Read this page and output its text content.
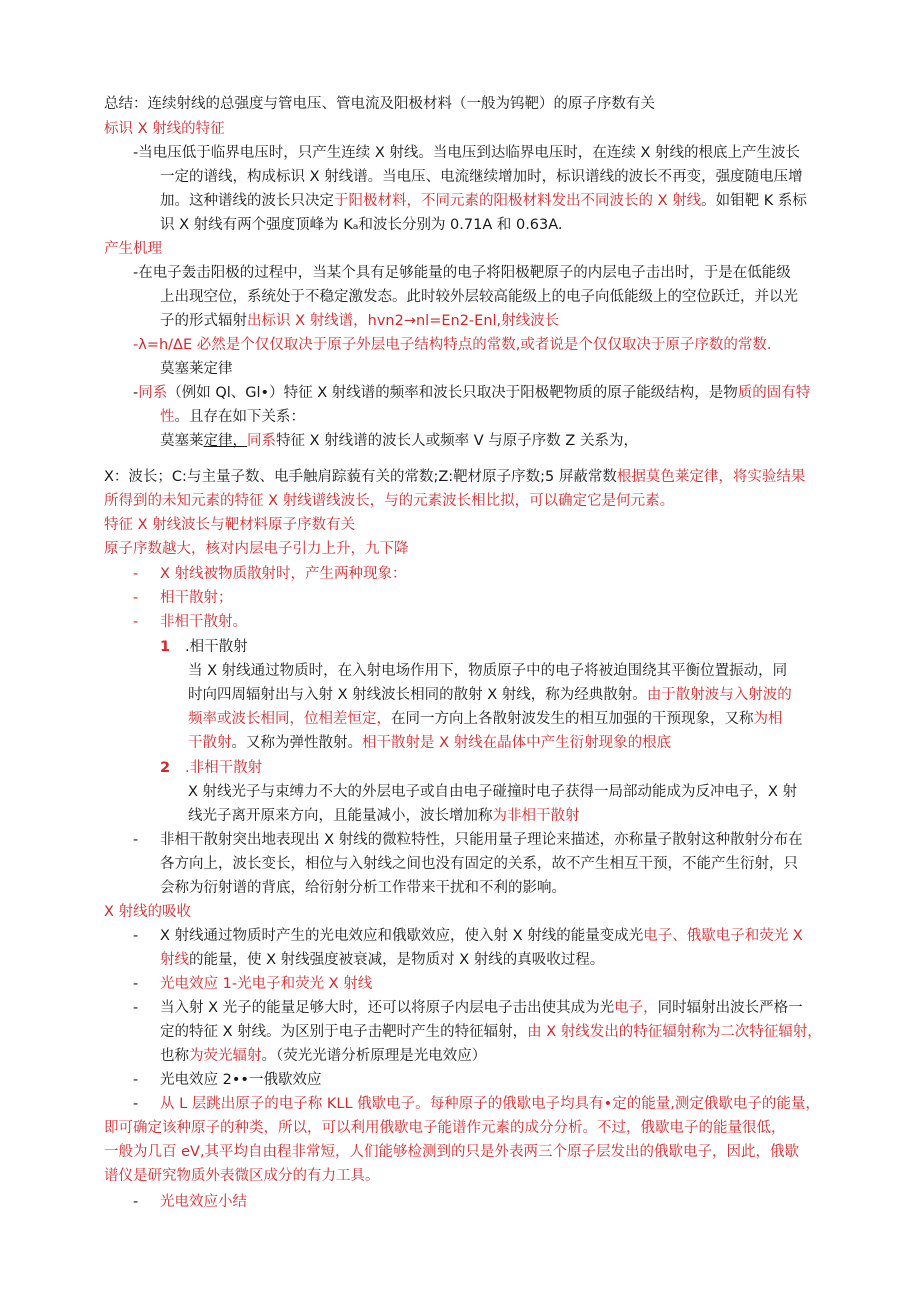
总结：连续射线的总强度与管电压、管电流及阳极材料（一般为钨靶）的原子序数有关
标识 X 射线的特征
-当电压低于临界电压时，只产生连续 X 射线。当电压到达临界电压时，在连续 X 射线的根底上产生波长
一定的谱线，构成标识 X 射线谱。当电压、电流继续增加时，标识谱线的波长不再变，强度随电压增
加。这种谱线的波长只决定于阳极材料，不同元素的阳极材料发出不同波长的 X 射线。如钼靶 K 系标
识 X 射线有两个强度顶峰为 Kₐ和波长分别为 0.71A 和 0.63A.
产生机理
-在电子轰击阳极的过程中，当某个具有足够能量的电子将阳极靶原子的内层电子击出时，于是在低能级
上出现空位，系统处于不稳定激发态。此时较外层较高能级上的电子向低能级上的空位跃迁，并以光
子的形式辐射出标识 X 射线谱，hvn2→nl=En2-Enl,射线波长
-λ=h/ΔE 必然是个仅仅取决于原子外层电子结构特点的常数,或者说是个仅仅取决于原子序数的常数.
莫塞莱定律
-同系（例如 Ql、Gl•）特征 X 射线谱的频率和波长只取决于阳极靶物质的原子能级结构，是物质的固有特
性。且存在如下关系：
莫塞莱定律，同系特征 X 射线谱的波长人或频率 V 与原子序数 Z 关系为，
X：波长；C:与主量子数、电手触肩踪藐有关的常数;Z:靶材原子序数;5 屏蔽常数根据莫色莱定律，将实验结果
所得到的未知元素的特征 X 射线谱线波长，与的元素波长相比拟，可以确定它是何元素。
特征 X 射线波长与靶材料原子序数有关
原子序数越大，核对内层电子引力上升，九下降
- X 射线被物质散射时，产生两种现象：
- 相干散射；
- 非相干散射。
1 .相干散射
当 X 射线通过物质时，在入射电场作用下，物质原子中的电子将被迫围绕其平衡位置振动，同
时向四周辐射出与入射 X 射线波长相同的散射 X 射线，称为经典散射。由于散射波与入射波的
频率或波长相同，位相差恒定，在同一方向上各散射波发生的相互加强的干预现象，又称为相
干散射。又称为弹性散射。相干散射是 X 射线在晶体中产生衍射现象的根底
2 .非相干散射
X 射线光子与束缚力不大的外层电子或自由电子碰撞时电子获得一局部动能成为反冲电子，X 射
线光子离开原来方向，且能量减小，波长增加称为非相干散射
- 非相干散射突出地表现出 X 射线的微粒特性，只能用量子理论来描述，亦称量子散射这种散射分布在
各方向上，波长变长，相位与入射线之间也没有固定的关系，故不产生相互干预，不能产生衍射，只
会称为衍射谱的背底，给衍射分析工作带来干扰和不利的影响。
X 射线的吸收
- X 射线通过物质时产生的光电效应和俄歇效应，使入射 X 射线的能量变成光电子、俄歇电子和荧光 X
射线的能量，使 X 射线强度被衰减，是物质对 X 射线的真吸收过程。
- 光电效应 1-光电子和荧光 X 射线
- 当入射 X 光子的能量足够大时，还可以将原子内层电子击出使其成为光电子，同时辐射出波长严格一
定的特征 X 射线。为区别于电子击靶时产生的特征辐射，由 X 射线发出的特征辐射称为二次特征辐射，
也称为荧光辐射。（荧光光谱分析原理是光电效应）
- 光电效应 2••一俄歇效应
- 从 L 层跳出原子的电子称 KLL 俄歇电子。每种原子的俄歇电子均具有•定的能量,测定俄歇电子的能量，
即可确定该种原子的种类，所以，可以利用俄歇电子能谱作元素的成分分析。不过，俄歇电子的能量很低，
一般为几百 eV,其平均自由程非常短，人们能够检测到的只是外表两三个原子层发出的俄歇电子，因此，俄歇
谱仪是研究物质外表微区成分的有力工具。
- 光电效应小结
